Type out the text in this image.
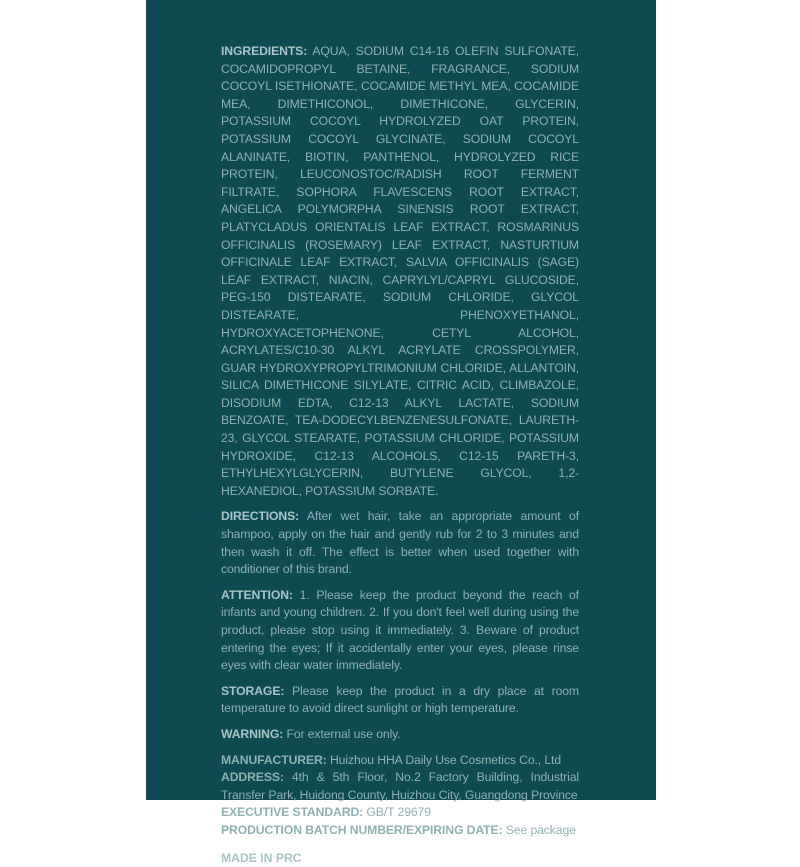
INGREDIENTS: AQUA, SODIUM C14-16 OLEFIN SULFONATE, COCAMIDOPROPYL BETAINE, FRAGRANCE, SODIUM COCOYL ISETHIONATE, COCAMIDE METHYL MEA, COCAMIDE MEA, DIMETHICONOL, DIMETHICONE, GLYCERIN, POTASSIUM COCOYL HYDROLYZED OAT PROTEIN, POTASSIUM COCOYL GLYCINATE, SODIUM COCOYL ALANINATE, BIOTIN, PANTHENOL, HYDROLYZED RICE PROTEIN, LEUCONOSTOC/RADISH ROOT FERMENT FILTRATE, SOPHORA FLAVESCENS ROOT EXTRACT, ANGELICA POLYMORPHA SINENSIS ROOT EXTRACT, PLATYCLADUS ORIENTALIS LEAF EXTRACT, ROSMARINUS OFFICINALIS (ROSEMARY) LEAF EXTRACT, NASTURTIUM OFFICINALE LEAF EXTRACT, SALVIA OFFICINALIS (SAGE) LEAF EXTRACT, NIACIN, CAPRYLYL/CAPRYL GLUCOSIDE, PEG-150 DISTEARATE, SODIUM CHLORIDE, GLYCOL DISTEARATE, PHENOXYETHANOL, HYDROXYACETOPHENONE, CETYL ALCOHOL, ACRYLATES/C10-30 ALKYL ACRYLATE CROSSPOLYMER, GUAR HYDROXYPROPYLTRIMONIUM CHLORIDE, ALLANTOIN, SILICA DIMETHICONE SILYLATE, CITRIC ACID, CLIMBAZOLE, DISODIUM EDTA, C12-13 ALKYL LACTATE, SODIUM BENZOATE, TEA-DODECYLBENZENESULFONATE, LAURETH-23, GLYCOL STEARATE, POTASSIUM CHLORIDE, POTASSIUM HYDROXIDE, C12-13 ALCOHOLS, C12-15 PARETH-3, ETHYLHEXYLGLYCERIN, BUTYLENE GLYCOL, 1,2-HEXANEDIOL, POTASSIUM SORBATE.

DIRECTIONS: After wet hair, take an appropriate amount of shampoo, apply on the hair and gently rub for 2 to 3 minutes and then wash it off. The effect is better when used together with conditioner of this brand.

ATTENTION: 1. Please keep the product beyond the reach of infants and young children. 2. If you don't feel well during using the product, please stop using it immediately. 3. Beware of product entering the eyes; If it accidentally enter your eyes, please rinse eyes with clear water immediately.

STORAGE: Please keep the product in a dry place at room temperature to avoid direct sunlight or high temperature.

WARNING: For external use only.

MANUFACTURER: Huizhou HHA Daily Use Cosmetics Co., Ltd
ADDRESS: 4th & 5th Floor, No.2 Factory Building, Industrial Transfer Park, Huidong County, Huizhou City, Guangdong Province
EXECUTIVE STANDARD: GB/T 29679
PRODUCTION BATCH NUMBER/EXPIRING DATE: See package
MADE IN PRC
